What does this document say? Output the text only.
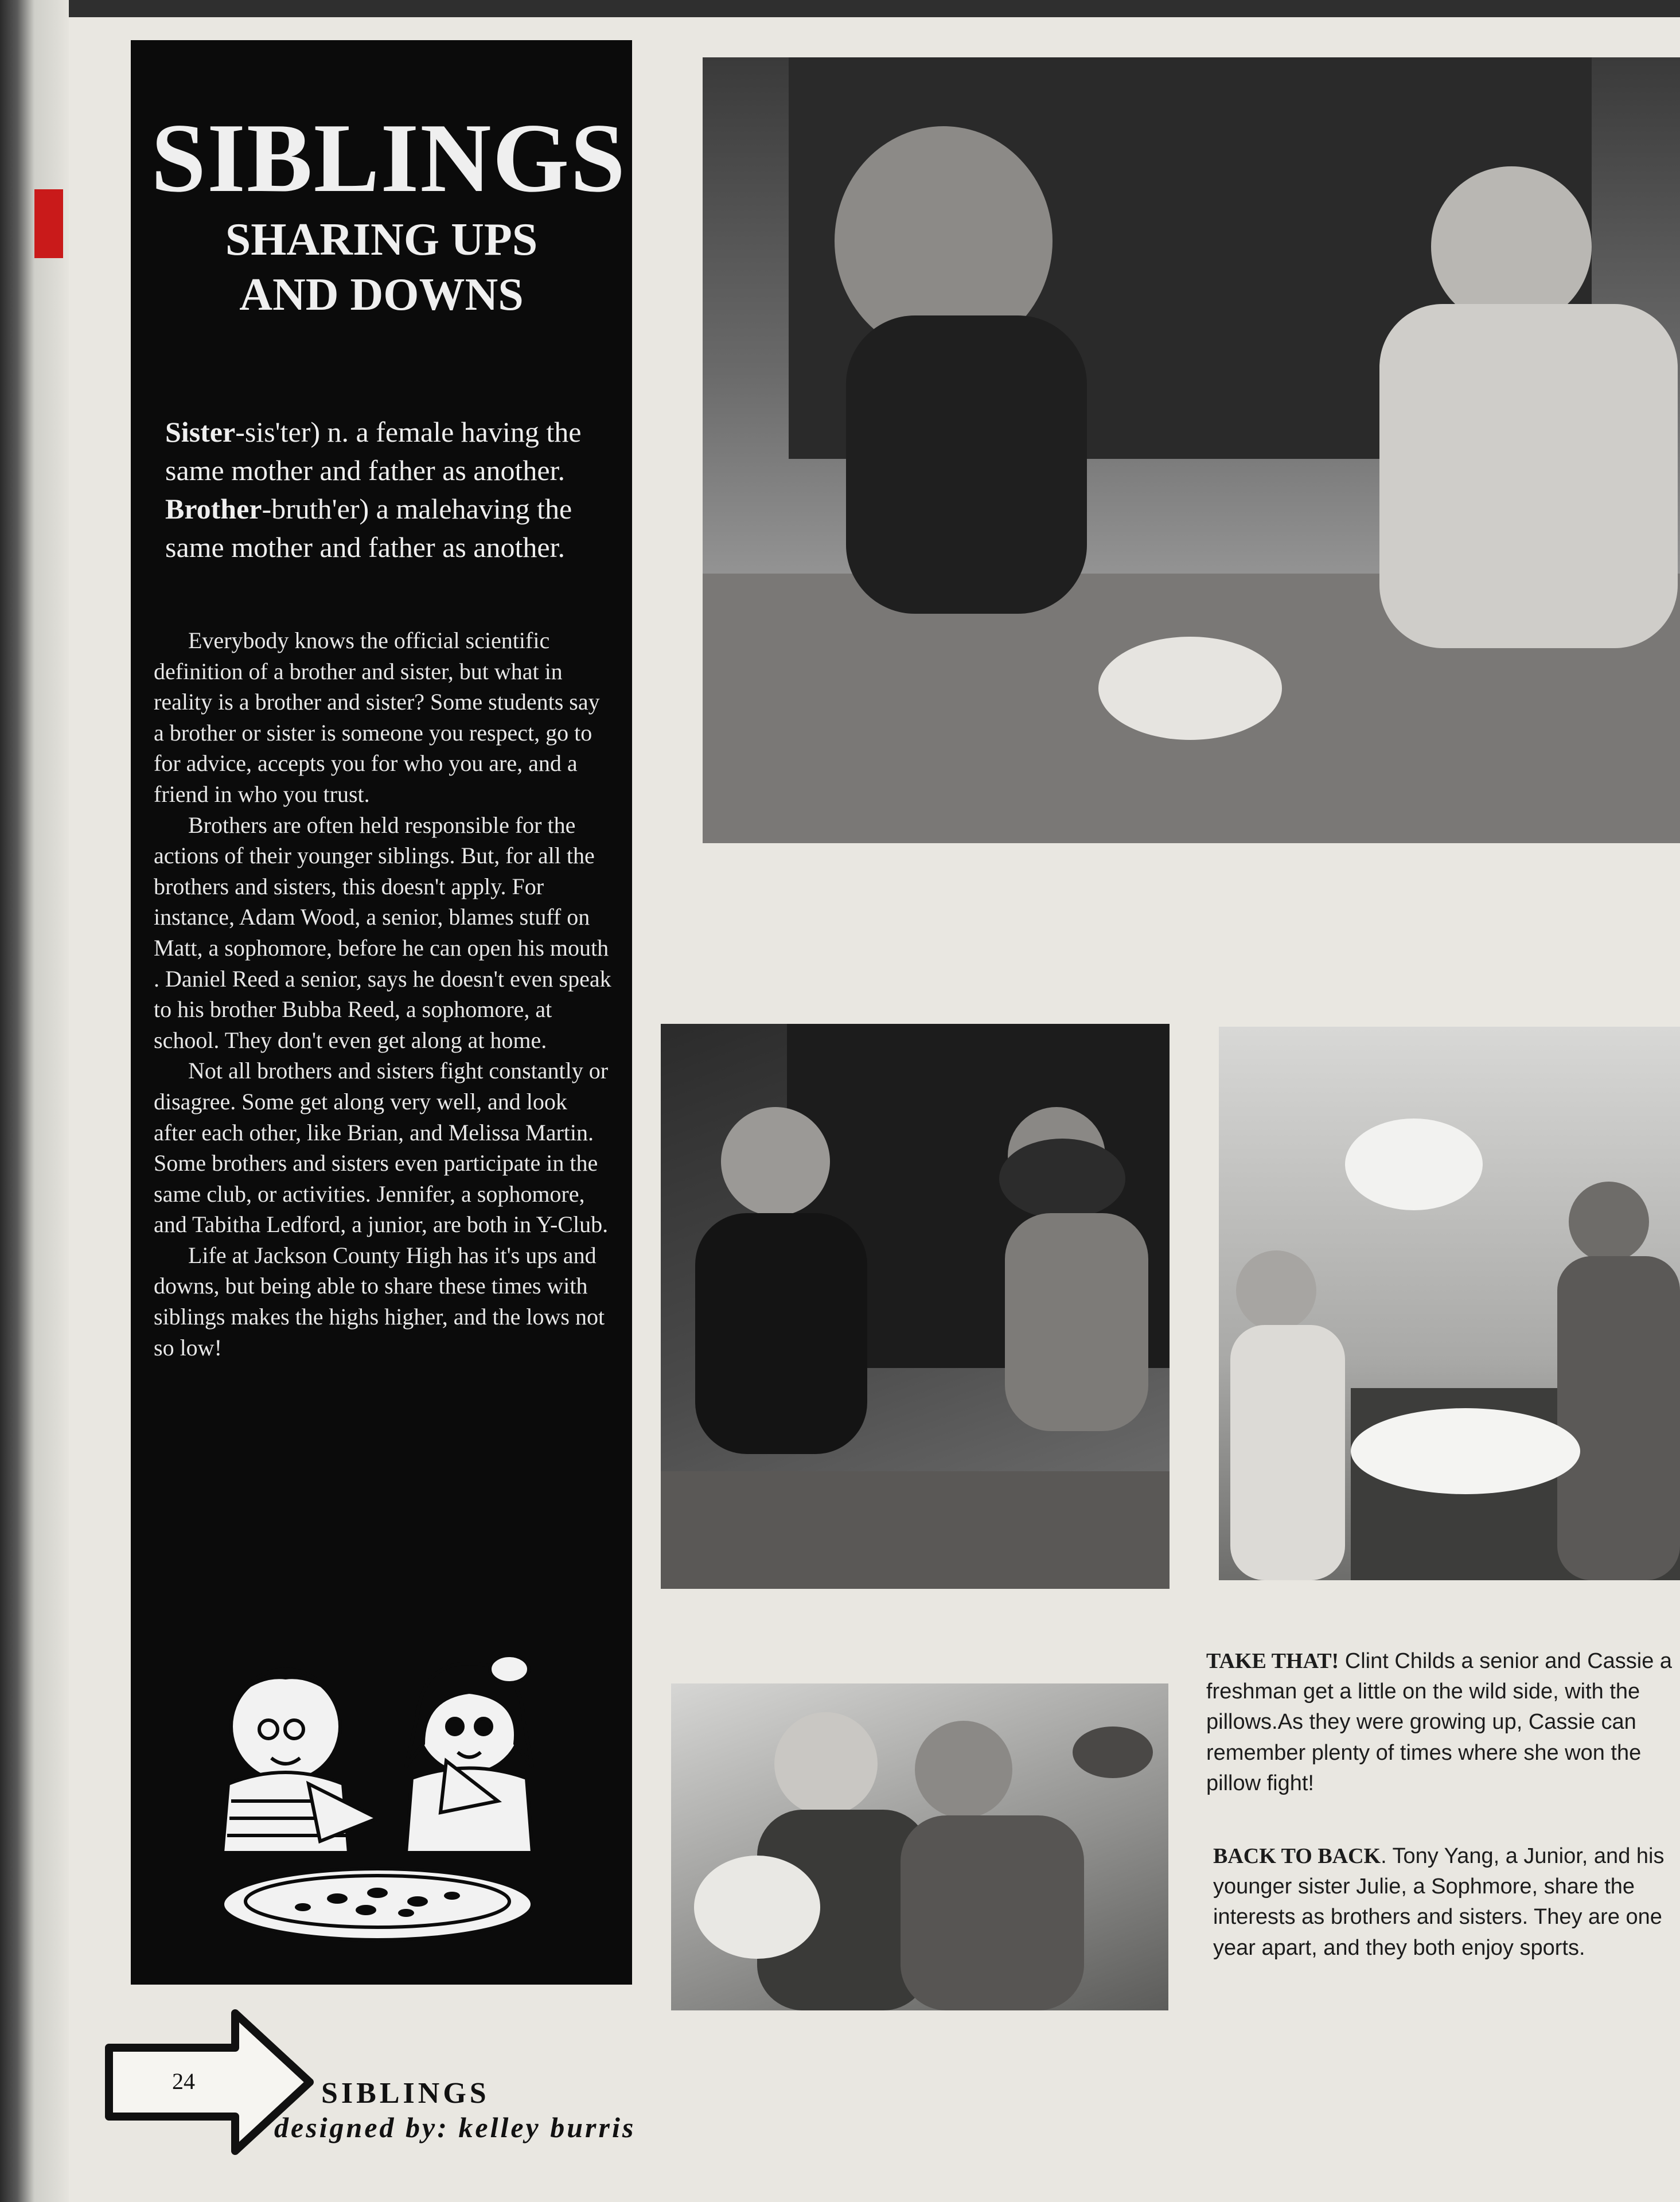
SIBLINGS
SHARING UPS
AND DOWNS
Sister-sis'ter) n. a female having the same mother and father as another.
Brother-bruth'er) a malehaving the same mother and father as another.

Everybody knows the official scientific definition of a brother and sister, but what in reality is a brother and sister? Some students say a brother or sister is someone you respect, go to for advice, accepts you for who you are, and a friend in who you trust.

Brothers are often held responsible for the actions of their younger siblings. But, for all the brothers and sisters, this doesn't apply. For instance, Adam Wood, a senior, blames stuff on Matt, a sophomore, before he can open his mouth . Daniel Reed a senior, says he doesn't even speak to his brother Bubba Reed, a sophomore, at school. They don't even get along at home.

Not all brothers and sisters fight constantly or disagree. Some get along very well, and look after each other, like Brian, and Melissa Martin. Some brothers and sisters even participate in the same club, or activities. Jennifer, a sophomore, and Tabitha Ledford, a junior, are both in Y-Club.

Life at Jackson County High has it's ups and downs, but being able to share these times with siblings makes the highs higher, and the lows not so low!

TAKE THAT! Clint Childs a senior and Cassie a freshman get a little on the wild side, with the pillows.As they were growing up, Cassie can remember plenty of times where she won the pillow fight!
BACK TO BACK. Tony Yang, a Junior, and his younger sister Julie, a Sophmore, share the interests as brothers and sisters. They are one year apart, and they both enjoy sports.
24	SIBLINGS
designed by: kelley burris
